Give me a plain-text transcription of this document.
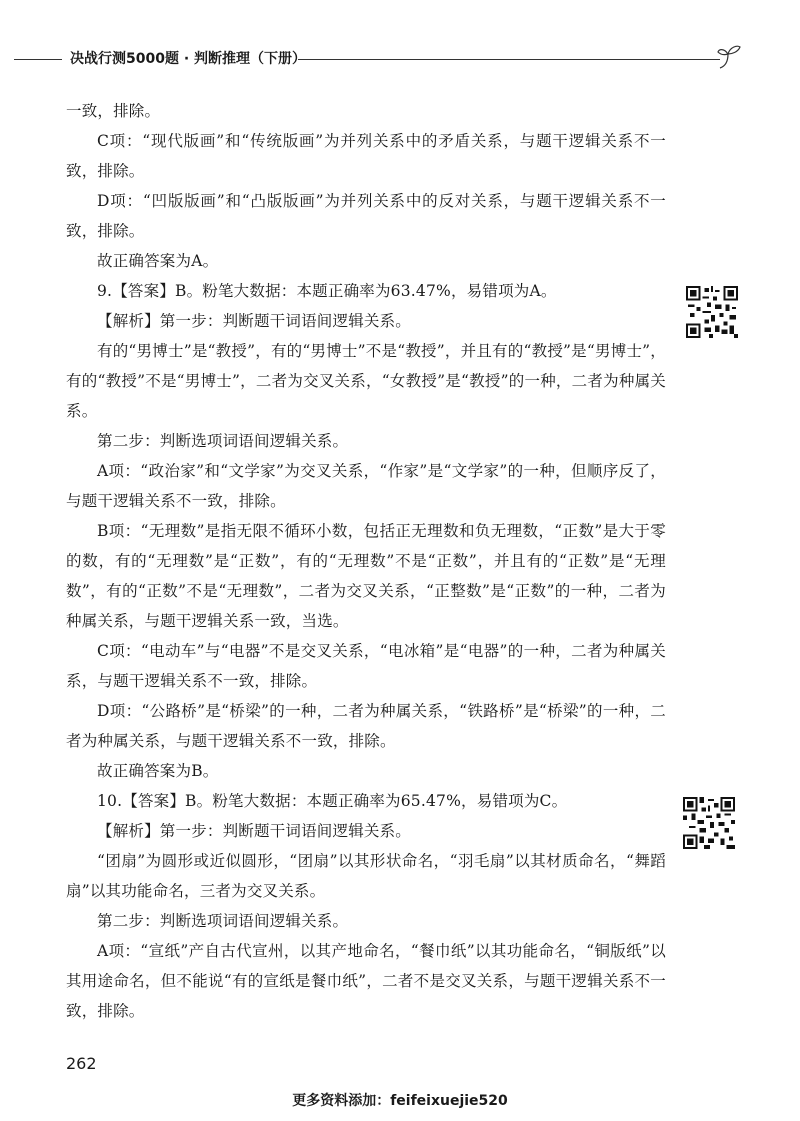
决战行测5000题 · 判断推理（下册）

一致，排除。

C项：“现代版画”和“传统版画”为并列关系中的矛盾关系，与题干逻辑关系不一致，排除。

D项：“凹版版画”和“凸版版画”为并列关系中的反对关系，与题干逻辑关系不一致，排除。

故正确答案为A。

9.【答案】B。粉笔大数据：本题正确率为63.47%，易错项为A。

【解析】第一步：判断题干词语间逻辑关系。

有的“男博士”是“教授”，有的“男博士”不是“教授”，并且有的“教授”是“男博士”，有的“教授”不是“男博士”，二者为交叉关系，“女教授”是“教授”的一种，二者为种属关系。

第二步：判断选项词语间逻辑关系。

A项：“政治家”和“文学家”为交叉关系，“作家”是“文学家”的一种，但顺序反了，与题干逻辑关系不一致，排除。

B项：“无理数”是指无限不循环小数，包括正无理数和负无理数，“正数”是大于零的数，有的“无理数”是“正数”，有的“无理数”不是“正数”，并且有的“正数”是“无理数”，有的“正数”不是“无理数”，二者为交叉关系，“正整数”是“正数”的一种，二者为种属关系，与题干逻辑关系一致，当选。

C项：“电动车”与“电器”不是交叉关系，“电冰箱”是“电器”的一种，二者为种属关系，与题干逻辑关系不一致，排除。

D项：“公路桥”是“桥梁”的一种，二者为种属关系，“铁路桥”是“桥梁”的一种，二者为种属关系，与题干逻辑关系不一致，排除。

故正确答案为B。

10.【答案】B。粉笔大数据：本题正确率为65.47%，易错项为C。

【解析】第一步：判断题干词语间逻辑关系。

“团扇”为圆形或近似圆形，“团扇”以其形状命名，“羽毛扇”以其材质命名，“舞蹈扇”以其功能命名，三者为交叉关系。

第二步：判断选项词语间逻辑关系。

A项：“宣纸”产自古代宣州，以其产地命名，“餐巾纸”以其功能命名，“铜版纸”以其用途命名，但不能说“有的宣纸是餐巾纸”，二者不是交叉关系，与题干逻辑关系不一致，排除。

262
更多资料添加：feifeixuejie520
